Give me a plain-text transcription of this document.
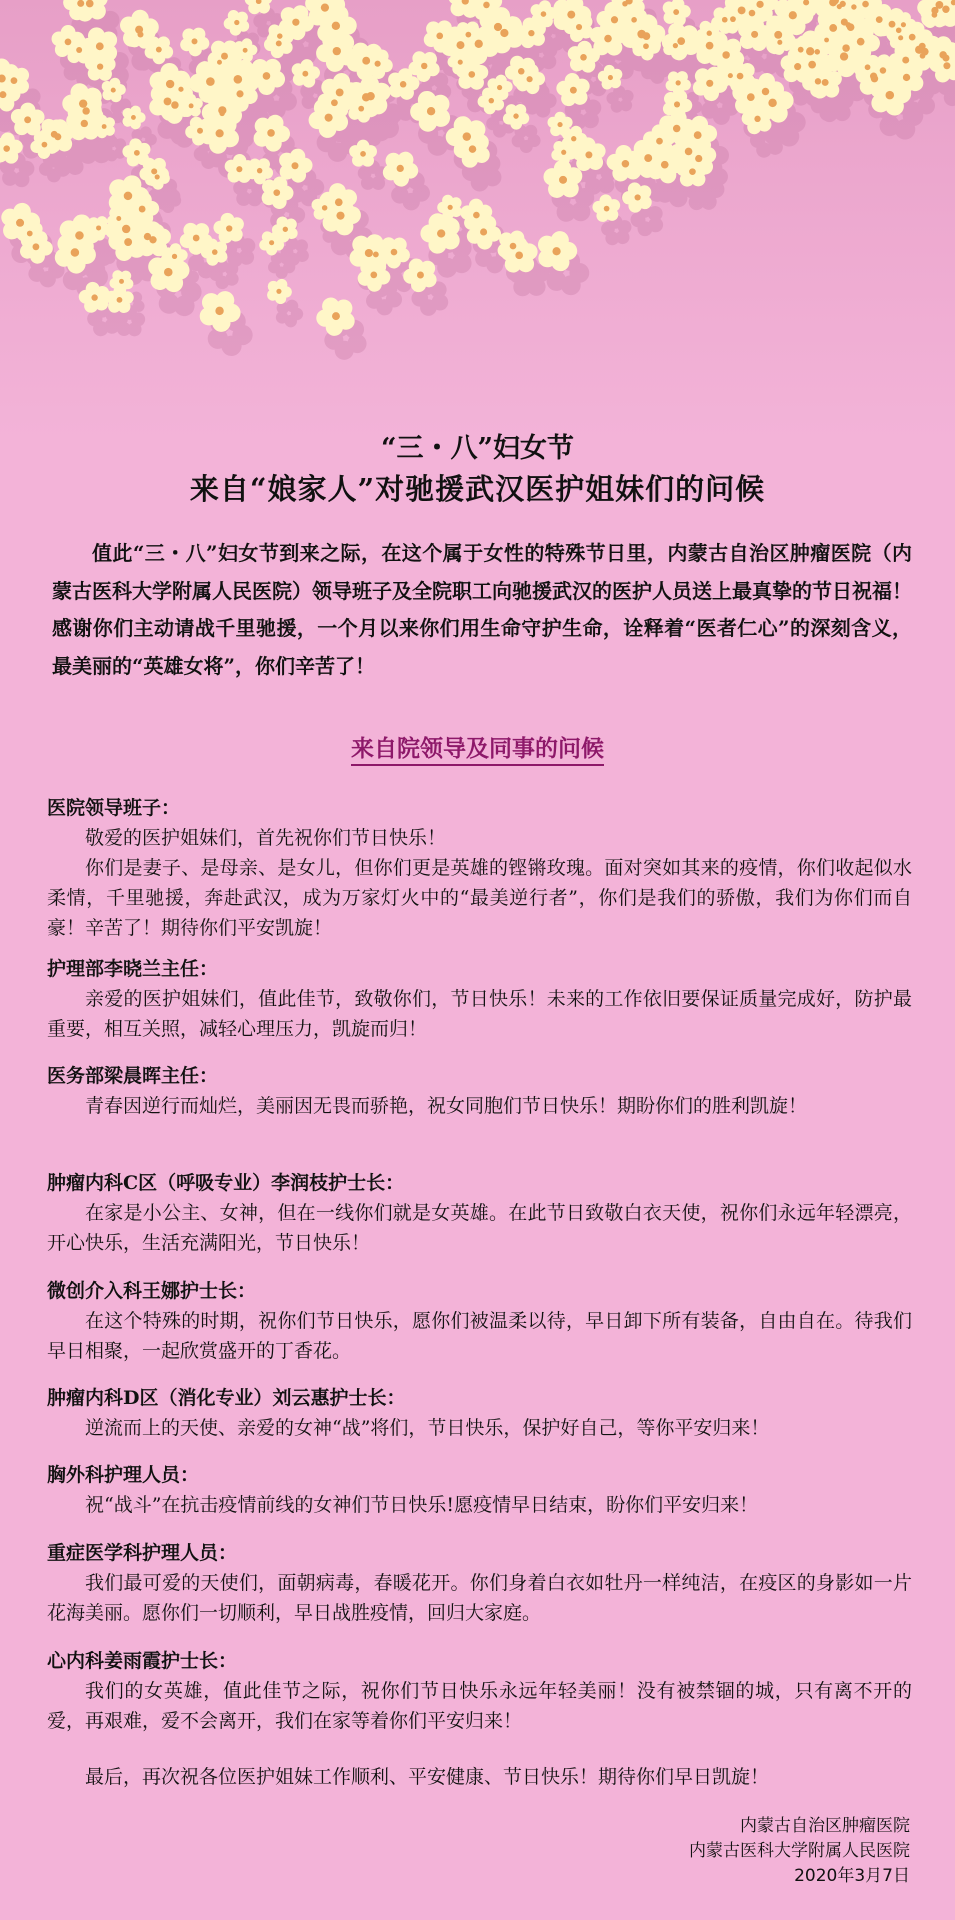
“三・八”妇女节
来自“娘家人”对驰援武汉医护姐妹们的问候

值此“三・八”妇女节到来之际，在这个属于女性的特殊节日里，内蒙古自治区肿瘤医院（内蒙古医科大学附属人民医院）领导班子及全院职工向驰援武汉的医护人员送上最真挚的节日祝福！感谢你们主动请战千里驰援，一个月以来你们用生命守护生命，诠释着“医者仁心”的深刻含义，最美丽的“英雄女将”，你们辛苦了！

来自院领导及同事的问候
医院领导班子：

敬爱的医护姐妹们，首先祝你们节日快乐！

你们是妻子、是母亲、是女儿，但你们更是英雄的铿锵玫瑰。面对突如其来的疫情，你们收起似水柔情，千里驰援，奔赴武汉，成为万家灯火中的“最美逆行者”，你们是我们的骄傲，我们为你们而自豪！辛苦了！期待你们平安凯旋！

护理部李晓兰主任：

亲爱的医护姐妹们，值此佳节，致敬你们，节日快乐！未来的工作依旧要保证质量完成好，防护最重要，相互关照，减轻心理压力，凯旋而归！

医务部梁晨晖主任：

青春因逆行而灿烂，美丽因无畏而骄艳，祝女同胞们节日快乐！期盼你们的胜利凯旋！

肿瘤内科C区（呼吸专业）李润枝护士长：

在家是小公主、女神，但在一线你们就是女英雄。在此节日致敬白衣天使，祝你们永远年轻漂亮，开心快乐，生活充满阳光，节日快乐！

微创介入科王娜护士长：

在这个特殊的时期，祝你们节日快乐，愿你们被温柔以待，早日卸下所有装备，自由自在。待我们早日相聚，一起欣赏盛开的丁香花。

肿瘤内科D区（消化专业）刘云惠护士长：

逆流而上的天使、亲爱的女神“战”将们，节日快乐，保护好自己，等你平安归来！

胸外科护理人员：

祝“战斗”在抗击疫情前线的女神们节日快乐!愿疫情早日结束，盼你们平安归来！

重症医学科护理人员：

我们最可爱的天使们，面朝病毒，春暖花开。你们身着白衣如牡丹一样纯洁，在疫区的身影如一片花海美丽。愿你们一切顺利，早日战胜疫情，回归大家庭。

心内科姜雨霞护士长：

我们的女英雄，值此佳节之际，祝你们节日快乐永远年轻美丽！没有被禁锢的城，只有离不开的爱，再艰难，爱不会离开，我们在家等着你们平安归来！

最后，再次祝各位医护姐妹工作顺利、平安健康、节日快乐！期待你们早日凯旋！

内蒙古自治区肿瘤医院
内蒙古医科大学附属人民医院
2020年3月7日
